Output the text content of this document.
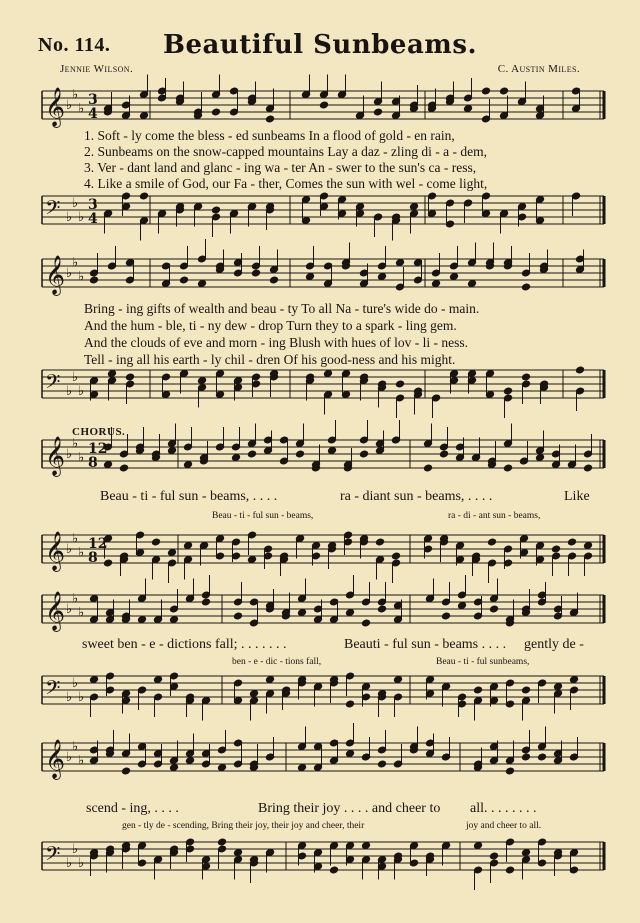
No. 114.	Beautiful Sunbeams.
Jennie Wilson.	C. Austin Miles.
𝄞 ♭
♭
♭
3
4
𝄢 ♭
♭
♭
3
4
𝄞 ♭
♭
♭
𝄢 ♭
♭
♭
𝄞 ♭
♭
♭
12
8
𝄞 ♭
♭
♭
12
8
𝄞 ♭
♭
♭
𝄢 ♭
♭
♭
𝄞 ♭
♭
♭
𝄢 ♭
♭
♭
1. Soft - ly come the bless - ed sunbeams In a flood of gold - en rain,
2. Sunbeams on the snow-capped mountains Lay a daz - zling di - a - dem,
3. Ver - dant land and glanc - ing wa - ter An - swer to the sun's ca - ress,
4. Like a smile of God, our Fa - ther, Comes the sun with wel - come light,
Bring - ing gifts of wealth and beau - ty To all Na - ture's wide do - main.
And the hum - ble, ti - ny dew - drop Turn they to a spark - ling gem.
And the clouds of eve and morn - ing Blush with hues of lov - li - ness.
Tell - ing all his earth - ly chil - dren Of his good-ness and his might.
CHORUS.
Beau - ti - ful sun - beams, . . . .	ra - diant sun - beams, . . . .	Like
Beau - ti - ful sun - beams,	ra - di - ant sun - beams,
sweet ben - e - dictions fall; . . . . . . .	Beauti - ful sun - beams . . . . gently de -
ben - e - dic - tions fall,	Beau - ti - ful sunbeams,
scend - ing, . . . .	Bring their joy . . . . and cheer to all. . . . . . . .
gen - tly de - scending, Bring their joy, their joy and cheer, their	joy and cheer to all.
